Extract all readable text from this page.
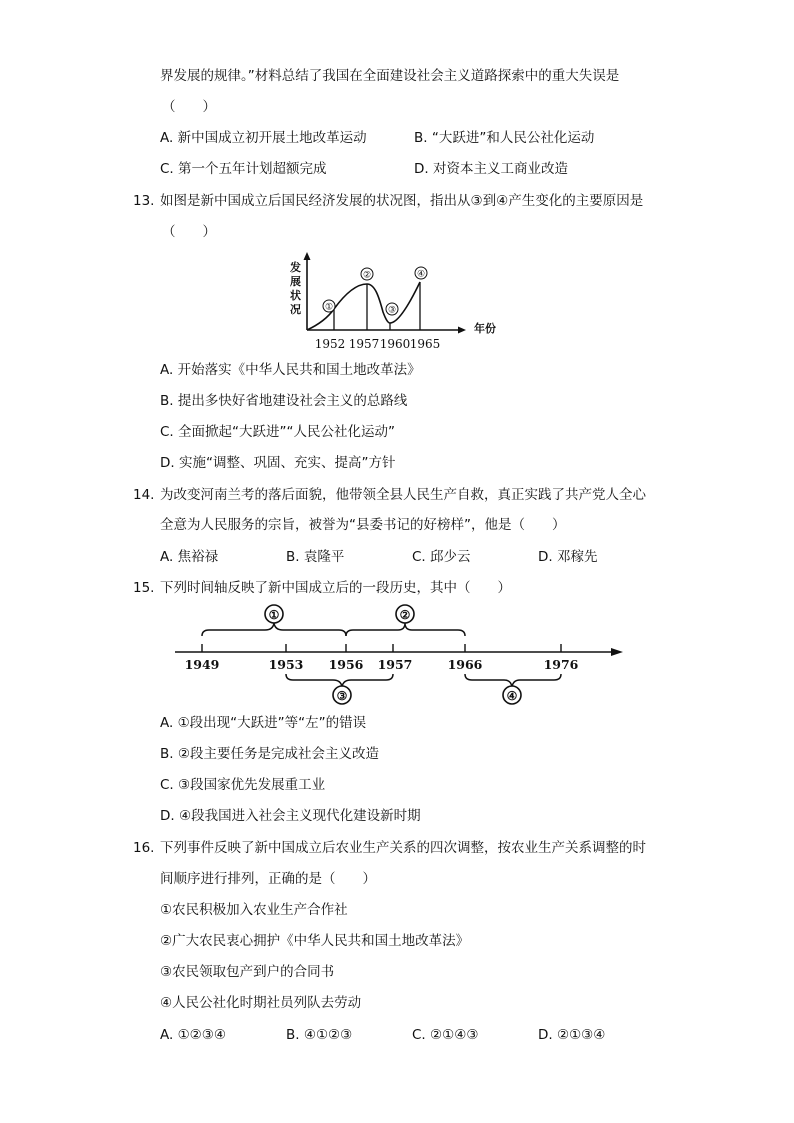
界发展的规律。”材料总结了我国在全面建设社会主义道路探索中的重大失误是
（　　）
A. 新中国成立初开展土地改革运动	B. “大跃进”和人民公社化运动
C. 第一个五年计划超额完成	D. 对资本主义工商业改造
13. 如图是新中国成立后国民经济发展的状况图，指出从③到④产生变化的主要原因是
（　　）
发
展
状
况
年份
①
②
③
④
1952 1957 1960 1965
A. 开始落实《中华人民共和国土地改革法》
B. 提出多快好省地建设社会主义的总路线
C. 全面掀起“大跃进”“人民公社化运动”
D. 实施“调整、巩固、充实、提高”方针
14. 为改变河南兰考的落后面貌，他带领全县人民生产自救，真正实践了共产党人全心
全意为人民服务的宗旨，被誉为“县委书记的好榜样”，他是（　　）
A. 焦裕禄	B. 袁隆平	C. 邱少云	D. 邓稼先
15. 下列时间轴反映了新中国成立后的一段历史，其中（　　）
1949	1953 1956 1957	1966	1976
①	②
③	④
A. ①段出现“大跃进”等“左”的错误
B. ②段主要任务是完成社会主义改造
C. ③段国家优先发展重工业
D. ④段我国进入社会主义现代化建设新时期
16. 下列事件反映了新中国成立后农业生产关系的四次调整，按农业生产关系调整的时
间顺序进行排列，正确的是（　　）
①农民积极加入农业生产合作社
②广大农民衷心拥护《中华人民共和国土地改革法》
③农民领取包产到户的合同书
④人民公社化时期社员列队去劳动
A. ①②③④	B. ④①②③	C. ②①④③	D. ②①③④
